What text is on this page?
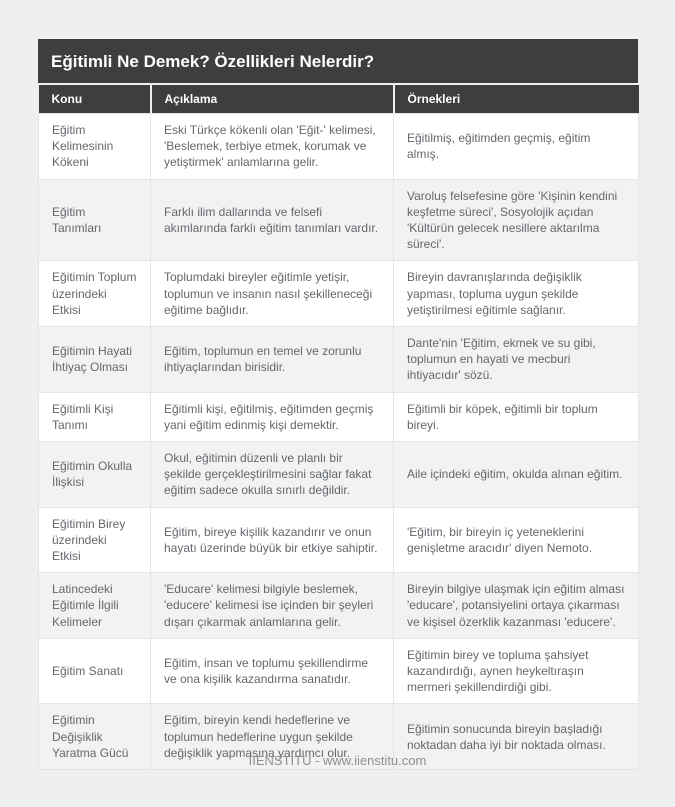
Eğitimli Ne Demek? Özellikleri Nelerdir?
Konu	Açıklama	Örnekleri
Eğitim Kelimesinin Kökeni	Eski Türkçe kökenli olan 'Eğit-' kelimesi, 'Beslemek, terbiye etmek, korumak ve yetiştirmek' anlamlarına gelir.	Eğitilmiş, eğitimden geçmiş, eğitim almış.
Eğitim Tanımları	Farklı ilim dallarında ve felsefi akımlarında farklı eğitim tanımları vardır.	Varoluş felsefesine göre 'Kişinin kendini keşfetme süreci', Sosyolojik açıdan 'Kültürün gelecek nesillere aktarılma süreci'.
Eğitimin Toplum üzerindeki Etkisi	Toplumdaki bireyler eğitimle yetişir, toplumun ve insanın nasıl şekilleneceği eğitime bağlıdır.	Bireyin davranışlarında değişiklik yapması, topluma uygun şekilde yetiştirilmesi eğitimle sağlanır.
Eğitimin Hayati İhtiyaç Olması	Eğitim, toplumun en temel ve zorunlu ihtiyaçlarından birisidir.	Dante'nin 'Eğitim, ekmek ve su gibi, toplumun en hayati ve mecburi ihtiyacıdır' sözü.
Eğitimli Kişi Tanımı	Eğitimli kişi, eğitilmiş, eğitimden geçmiş yani eğitim edinmiş kişi demektir.	Eğitimli bir köpek, eğitimli bir toplum bireyi.
Eğitimin Okulla İlişkisi	Okul, eğitimin düzenli ve planlı bir şekilde gerçekleştirilmesini sağlar fakat eğitim sadece okulla sınırlı değildir.	Aile içindeki eğitim, okulda alınan eğitim.
Eğitimin Birey üzerindeki Etkisi	Eğitim, bireye kişilik kazandırır ve onun hayatı üzerinde büyük bir etkiye sahiptir.	'Eğitim, bir bireyin iç yeteneklerini genişletme aracıdır' diyen Nemoto.
Latincedeki Eğitimle İlgili Kelimeler	'Educare' kelimesi bilgiyle beslemek, 'educere' kelimesi ise içinden bir şeyleri dışarı çıkarmak anlamlarına gelir.	Bireyin bilgiye ulaşmak için eğitim alması 'educare', potansiyelini ortaya çıkarması ve kişisel özerklik kazanması 'educere'.
Eğitim Sanatı	Eğitim, insan ve toplumu şekillendirme ve ona kişilik kazandırma sanatıdır.	Eğitimin birey ve topluma şahsiyet kazandırdığı, aynen heykeltıraşın mermeri şekillendirdiği gibi.
Eğitimin Değişiklik Yaratma Gücü	Eğitim, bireyin kendi hedeflerine ve toplumun hedeflerine uygun şekilde değişiklik yapmasına yardımcı olur.	Eğitimin sonucunda bireyin başladığı noktadan daha iyi bir noktada olması.
IIENSTITU - www.iienstitu.com
